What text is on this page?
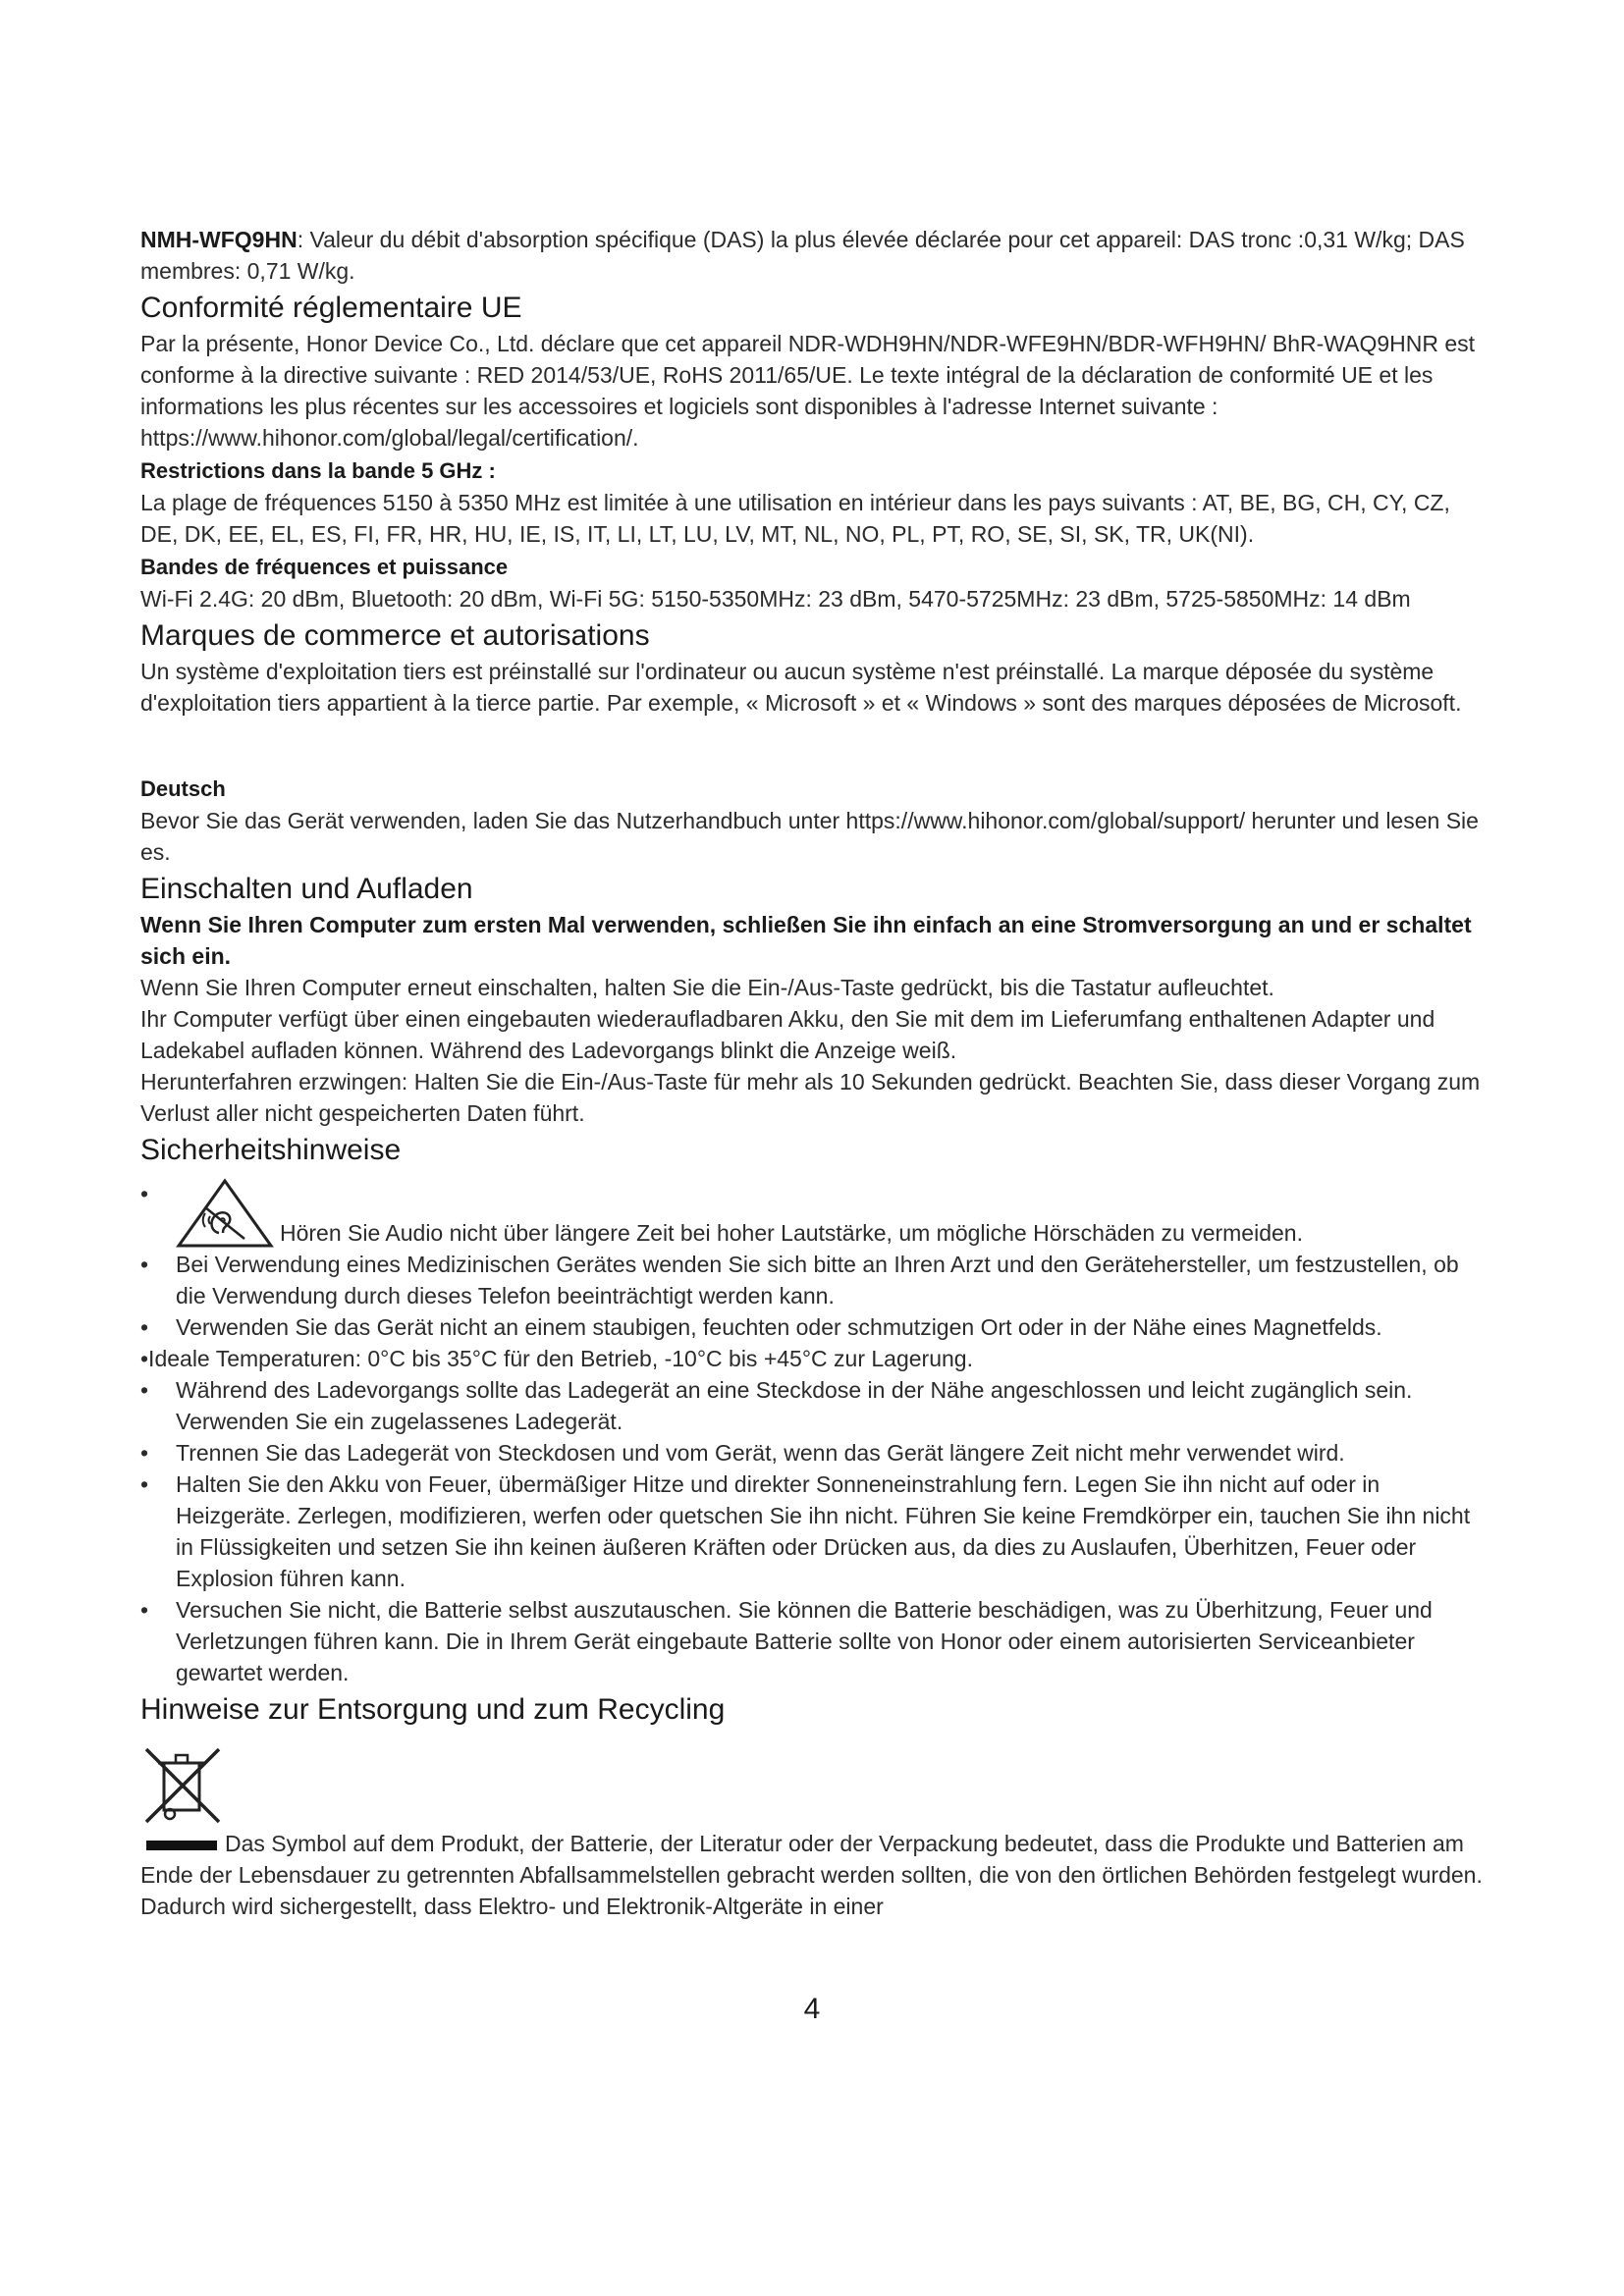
NMH-WFQ9HN: Valeur du débit d'absorption spécifique (DAS) la plus élevée déclarée pour cet appareil: DAS tronc :0,31 W/kg; DAS membres: 0,71 W/kg.

Conformité réglementaire UE

Par la présente, Honor Device Co., Ltd. déclare que cet appareil NDR-WDH9HN/NDR-WFE9HN/BDR-WFH9HN/ BhR-WAQ9HNR est conforme à la directive suivante : RED 2014/53/UE, RoHS 2011/65/UE. Le texte intégral de la déclaration de conformité UE et les informations les plus récentes sur les accessoires et logiciels sont disponibles à l'adresse Internet suivante : https://www.hihonor.com/global/legal/certification/.

Restrictions dans la bande 5 GHz :

La plage de fréquences 5150 à 5350 MHz est limitée à une utilisation en intérieur dans les pays suivants : AT, BE, BG, CH, CY, CZ, DE, DK, EE, EL, ES, FI, FR, HR, HU, IE, IS, IT, LI, LT, LU, LV, MT, NL, NO, PL, PT, RO, SE, SI, SK, TR, UK(NI).

Bandes de fréquences et puissance

Wi-Fi 2.4G: 20 dBm, Bluetooth: 20 dBm, Wi-Fi 5G: 5150-5350MHz: 23 dBm, 5470-5725MHz: 23 dBm, 5725-5850MHz: 14 dBm

Marques de commerce et autorisations

Un système d'exploitation tiers est préinstallé sur l'ordinateur ou aucun système n'est préinstallé. La marque déposée du système d'exploitation tiers appartient à la tierce partie. Par exemple, « Microsoft » et « Windows » sont des marques déposées de Microsoft.

Deutsch

Bevor Sie das Gerät verwenden, laden Sie das Nutzerhandbuch unter https://www.hihonor.com/global/support/ herunter und lesen Sie es.

Einschalten und Aufladen

Wenn Sie Ihren Computer zum ersten Mal verwenden, schließen Sie ihn einfach an eine Stromversorgung an und er schaltet sich ein.

Wenn Sie Ihren Computer erneut einschalten, halten Sie die Ein-/Aus-Taste gedrückt, bis die Tastatur aufleuchtet.

Ihr Computer verfügt über einen eingebauten wiederaufladbaren Akku, den Sie mit dem im Lieferumfang enthaltenen Adapter und Ladekabel aufladen können. Während des Ladevorgangs blinkt die Anzeige weiß.

Herunterfahren erzwingen: Halten Sie die Ein-/Aus-Taste für mehr als 10 Sekunden gedrückt. Beachten Sie, dass dieser Vorgang zum Verlust aller nicht gespeicherten Daten führt.

Sicherheitshinweise
• Hören Sie Audio nicht über längere Zeit bei hoher Lautstärke, um mögliche Hörschäden zu vermeiden.
• Bei Verwendung eines Medizinischen Gerätes wenden Sie sich bitte an Ihren Arzt und den Gerätehersteller, um festzustellen, ob die Verwendung durch dieses Telefon beeinträchtigt werden kann.
• Verwenden Sie das Gerät nicht an einem staubigen, feuchten oder schmutzigen Ort oder in der Nähe eines Magnetfelds.
•Ideale Temperaturen: 0°C bis 35°C für den Betrieb, -10°C bis +45°C zur Lagerung.
• Während des Ladevorgangs sollte das Ladegerät an eine Steckdose in der Nähe angeschlossen und leicht zugänglich sein. Verwenden Sie ein zugelassenes Ladegerät.
• Trennen Sie das Ladegerät von Steckdosen und vom Gerät, wenn das Gerät längere Zeit nicht mehr verwendet wird.
• Halten Sie den Akku von Feuer, übermäßiger Hitze und direkter Sonneneinstrahlung fern. Legen Sie ihn nicht auf oder in Heizgeräte. Zerlegen, modifizieren, werfen oder quetschen Sie ihn nicht. Führen Sie keine Fremdkörper ein, tauchen Sie ihn nicht in Flüssigkeiten und setzen Sie ihn keinen äußeren Kräften oder Drücken aus, da dies zu Auslaufen, Überhitzen, Feuer oder Explosion führen kann.
• Versuchen Sie nicht, die Batterie selbst auszutauschen. Sie können die Batterie beschädigen, was zu Überhitzung, Feuer und Verletzungen führen kann. Die in Ihrem Gerät eingebaute Batterie sollte von Honor oder einem autorisierten Serviceanbieter gewartet werden.
Hinweise zur Entsorgung und zum Recycling

Das Symbol auf dem Produkt, der Batterie, der Literatur oder der Verpackung bedeutet, dass die Produkte und Batterien am Ende der Lebensdauer zu getrennten Abfallsammelstellen gebracht werden sollten, die von den örtlichen Behörden festgelegt wurden. Dadurch wird sichergestellt, dass Elektro- und Elektronik-Altgeräte in einer

4
